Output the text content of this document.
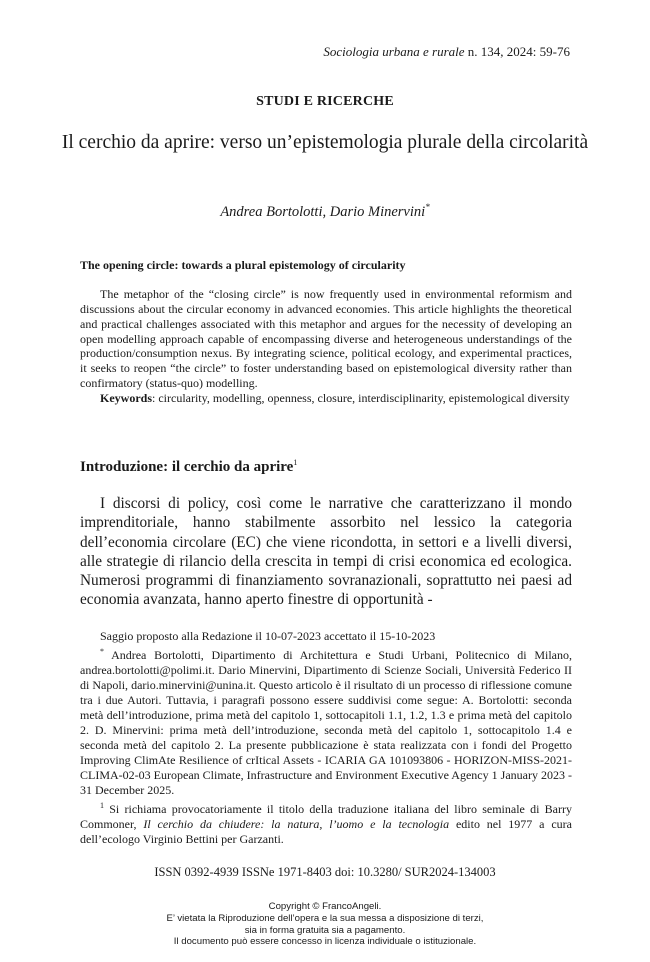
Sociologia urbana e rurale n. 134, 2024: 59-76
STUDI E RICERCHE
Il cerchio da aprire: verso un’epistemologia plurale della circolarità
Andrea Bortolotti, Dario Minervini*
The opening circle: towards a plural epistemology of circularity

The metaphor of the “closing circle” is now frequently used in environmental reformism and discussions about the circular economy in advanced economies. This article highlights the theoretical and practical challenges associated with this metaphor and argues for the necessity of developing an open modelling approach capable of encompassing diverse and heterogeneous understandings of the production/consumption nexus. By integrating science, political ecology, and experimental practices, it seeks to reopen “the circle” to foster understanding based on epistemological diversity rather than confirmatory (status-quo) modelling.

Keywords: circularity, modelling, openness, closure, interdisciplinarity, epistemological diversity

Introduzione: il cerchio da aprire$^1$

I discorsi di policy, così come le narrative che caratterizzano il mondo imprenditoriale, hanno stabilmente assorbito nel lessico la categoria dell’economia circolare (EC) che viene ricondotta, in settori e a livelli diversi, alle strategie di rilancio della crescita in tempi di crisi economica ed ecologica. Numerosi programmi di finanziamento sovranazionali, soprattutto nei paesi ad economia avanzata, hanno aperto finestre di opportunità -

Saggio proposto alla Redazione il 10-07-2023 accettato il 15-10-2023

* Andrea Bortolotti, Dipartimento di Architettura e Studi Urbani, Politecnico di Milano, andrea.bortolotti@polimi.it. Dario Minervini, Dipartimento di Scienze Sociali, Università Federico II di Napoli, dario.minervini@unina.it. Questo articolo è il risultato di un processo di riflessione comune tra i due Autori. Tuttavia, i paragrafi possono essere suddivisi come segue: A. Bortolotti: seconda metà dell’introduzione, prima metà del capitolo 1, sottocapitoli 1.1, 1.2, 1.3 e prima metà del capitolo 2. D. Minervini: prima metà dell’introduzione, seconda metà del capitolo 1, sottocapitolo 1.4 e seconda metà del capitolo 2. La presente pubblicazione è stata realizzata con i fondi del Progetto Improving ClimAte Resilience of crItical Assets - ICARIA GA 101093806 - HORIZON-MISS-2021-CLIMA-02-03 European Climate, Infrastructure and Environment Executive Agency 1 January 2023 - 31 December 2025.

$^1$ Si richiama provocatoriamente il titolo della traduzione italiana del libro seminale di Barry Commoner, Il cerchio da chiudere: la natura, l’uomo e la tecnologia edito nel 1977 a cura dell’ecologo Virginio Bettini per Garzanti.

ISSN 0392-4939 ISSNe 1971-8403 doi: 10.3280/ SUR2024-134003
Copyright © FrancoAngeli.
E’ vietata la Riproduzione dell’opera e la sua messa a disposizione di terzi,
sia in forma gratuita sia a pagamento.
Il documento può essere concesso in licenza individuale o istituzionale.
